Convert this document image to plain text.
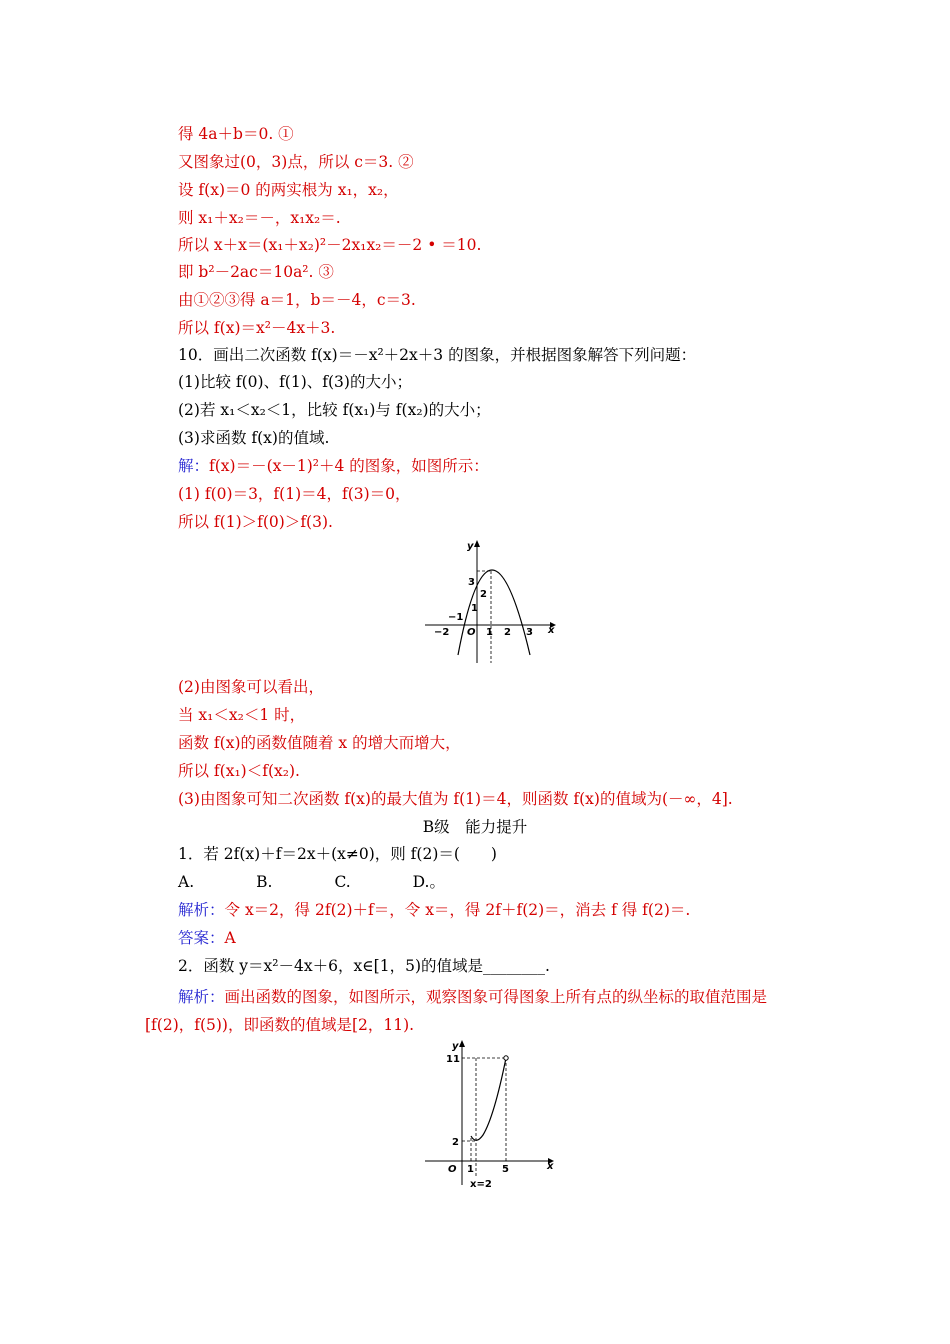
得 4a＋b＝0. ①
又图象过(0，3)点，所以 c＝3. ②
设 f(x)＝0 的两实根为 x₁，x₂，
则 x₁＋x₂＝－，x₁x₂＝.
所以 x＋x＝(x₁＋x₂)²－2x₁x₂＝－2 • ＝10.
即 b²－2ac＝10a². ③
由①②③得 a＝1，b＝－4，c＝3.
所以 f(x)＝x²－4x＋3.
10．画出二次函数 f(x)＝－x²＋2x＋3 的图象，并根据图象解答下列问题：
(1)比较 f(0)、f(1)、f(3)的大小；
(2)若 x₁＜x₂＜1，比较 f(x₁)与 f(x₂)的大小；
(3)求函数 f(x)的值域.
解：f(x)＝－(x－1)²＋4 的图象，如图所示：
(1) f(0)＝3，f(1)＝4，f(3)＝0，
所以 f(1)＞f(0)＞f(3).
y
x
O
−2
−1
1 2 3
3
2
1
(2)由图象可以看出，
当 x₁＜x₂＜1 时，
函数 f(x)的函数值随着 x 的增大而增大，
所以 f(x₁)＜f(x₂).
(3)由图象可知二次函数 f(x)的最大值为 f(1)＝4，则函数 f(x)的值域为(－∞，4].
B级　能力提升
1．若 2f(x)＋f＝2x＋(x≠0)，则 f(2)＝(　　)
A.　　　　B.　　　　C.　　　　D.。
解析：令 x＝2，得 2f(2)＋f＝，令 x＝，得 2f＋f(2)＝，消去 f 得 f(2)＝.
答案：A
2．函数 y＝x²－4x＋6，x∈[1，5)的值域是________.
解析：画出函数的图象，如图所示，观察图象可得图象上所有点的纵坐标的取值范围是[f(2)，f(5))，即函数的值域是[2，11).
y
x
O
11
2
1	5
x=2
